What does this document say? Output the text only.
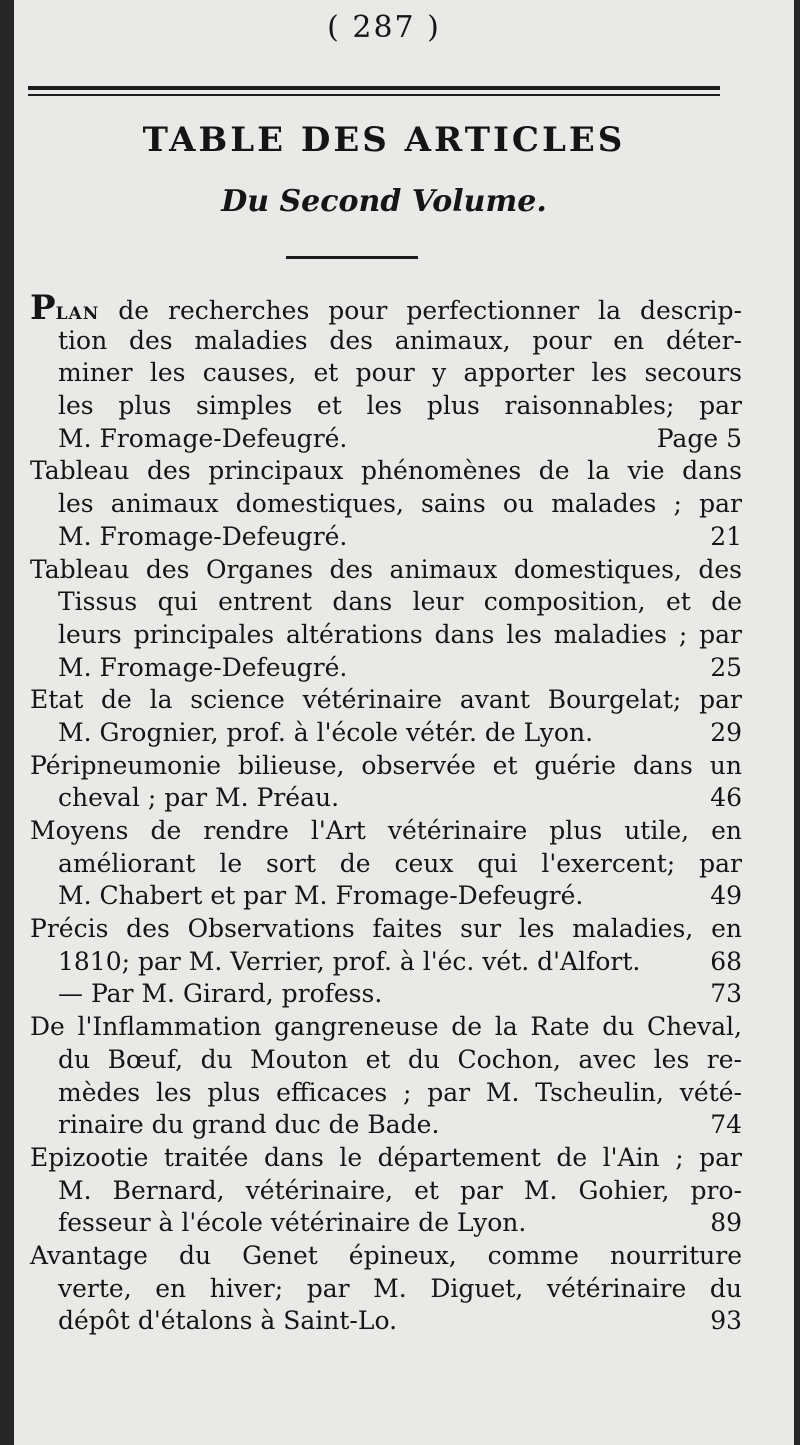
( 287 )
TABLE DES ARTICLES
Du Second Volume.
PLAN de recherches pour perfectionner la descrip-
tion des maladies des animaux, pour en déter-
miner les causes, et pour y apporter les secours
les plus simples et les plus raisonnables; par
M. Fromage-Defeugré.	Page 5
Tableau des principaux phénomènes de la vie dans
les animaux domestiques, sains ou malades ; par
M. Fromage-Defeugré.	21
Tableau des Organes des animaux domestiques, des
Tissus qui entrent dans leur composition, et de
leurs principales altérations dans les maladies ; par
M. Fromage-Defeugré.	25
Etat de la science vétérinaire avant Bourgelat; par
M. Grognier, prof. à l'école vétér. de Lyon.	29
Péripneumonie bilieuse, observée et guérie dans un
cheval ; par M. Préau.	46
Moyens de rendre l'Art vétérinaire plus utile, en
améliorant le sort de ceux qui l'exercent; par
M. Chabert et par M. Fromage-Defeugré.	49
Précis des Observations faites sur les maladies, en
1810; par M. Verrier, prof. à l'éc. vét. d'Alfort.	68
— Par M. Girard, profess.	73
De l'Inflammation gangreneuse de la Rate du Cheval,
du Bœuf, du Mouton et du Cochon, avec les re-
mèdes les plus efficaces ; par M. Tscheulin, vété-
rinaire du grand duc de Bade.	74
Epizootie traitée dans le département de l'Ain ; par
M. Bernard, vétérinaire, et par M. Gohier, pro-
fesseur à l'école vétérinaire de Lyon.	89
Avantage du Genet épineux, comme nourriture
verte, en hiver; par M. Diguet, vétérinaire du
dépôt d'étalons à Saint-Lo.	93
